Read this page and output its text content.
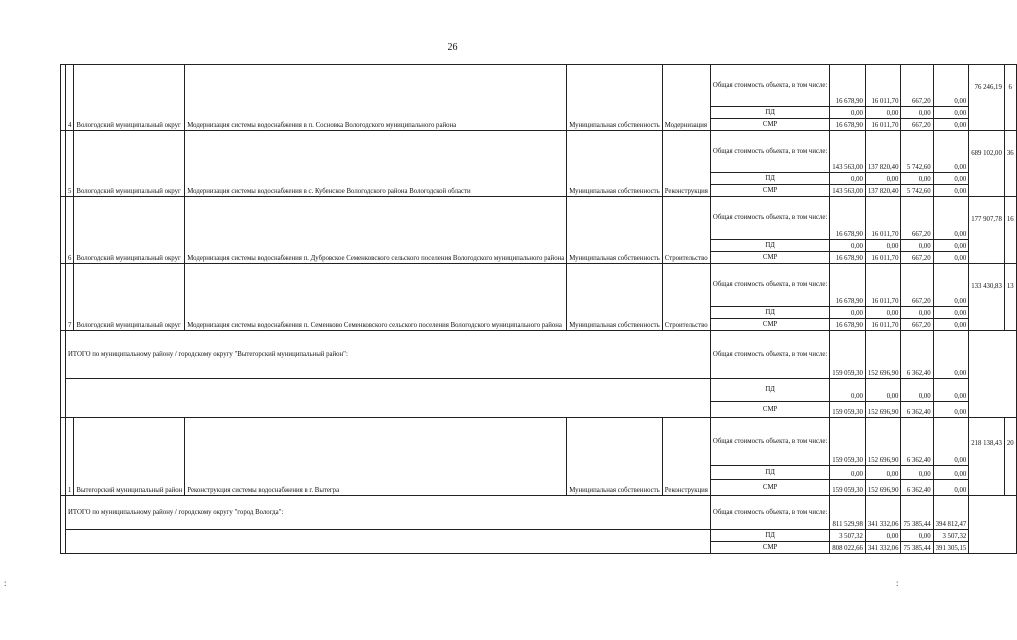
26
	4	Вологодский муниципальный округ	Модернизация системы водоснабжения в п. Сосновка Вологодского муниципального района	Муниципальная собственность	Модернизация	Общая стоимость объекта, в том числе:	16 678,90	16 011,70	667,20	0,00	76 246,19	6
						ПД	0,00	0,00	0,00	0,00		
						СМР	16 678,90	16 011,70	667,20	0,00		
	5	Вологодский муниципальный округ	Модернизация системы водоснабжения в с. Кубенское Вологодского района Вологодской области	Муниципальная собственность	Реконструкция	Общая стоимость объекта, в том числе:	143 563,00	137 820,40	5 742,60	0,00	689 102,00	36
						ПД	0,00	0,00	0,00	0,00		
						СМР	143 563,00	137 820,40	5 742,60	0,00		
	6	Вологодский муниципальный округ	Модернизация системы водоснабжения п. Дубровское Семенковского сельского поселения Вологодского муниципального района	Муниципальная собственность	Строительство	Общая стоимость объекта, в том числе:	16 678,90	16 011,70	667,20	0,00	177 907,78	16
						ПД	0,00	0,00	0,00	0,00		
						СМР	16 678,90	16 011,70	667,20	0,00		
	7	Вологодский муниципальный округ	Модернизация системы водоснабжения п. Семенково Семенковского сельского поселения Вологодского муниципального района	Муниципальная собственность	Строительство	Общая стоимость объекта, в том числе:	16 678,90	16 011,70	667,20	0,00	133 430,83	13
						ПД	0,00	0,00	0,00	0,00		
						СМР	16 678,90	16 011,70	667,20	0,00		
	ИТОГО по муниципальному району / городскому округу "Вытегорский муниципальный район":					Общая стоимость объекта, в том числе:	159 059,30	152 696,90	6 362,40	0,00		
						ПД	0,00	0,00	0,00	0,00		
						СМР	159 059,30	152 696,90	6 362,40	0,00		
	1	Вытегорский муниципальный район	Реконструкция системы водоснабжения в г. Вытегра	Муниципальная собственность	Реконструкция	Общая стоимость объекта, в том числе:	159 059,30	152 696,90	6 362,40	0,00	218 138,43	20
						ПД	0,00	0,00	0,00	0,00		
						СМР	159 059,30	152 696,90	6 362,40	0,00		
	ИТОГО по муниципальному району / городскому округу "город Вологда":					Общая стоимость объекта, в том числе:	811 529,98	341 332,06	75 385,44	394 812,47		
						ПД	3 507,32	0,00	0,00	3 507,32		
						СМР	808 022,66	341 332,06	75 385,44	391 305,15		
:	:
